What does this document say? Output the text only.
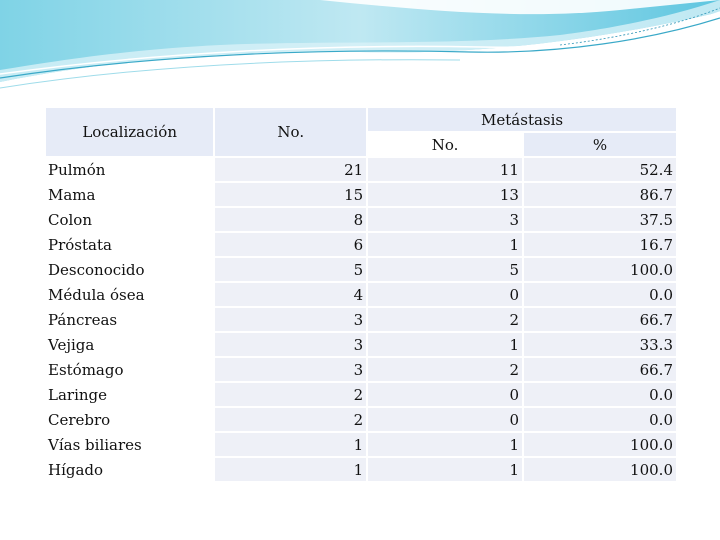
Localización	No.	Metástasis	
		No.	%
Pulmón	21	11	52.4
Mama	15	13	86.7
Colon	8	3	37.5
Próstata	6	1	16.7
Desconocido	5	5	100.0
Médula ósea	4	0	0.0
Páncreas	3	2	66.7
Vejiga	3	1	33.3
Estómago	3	2	66.7
Laringe	2	0	0.0
Cerebro	2	0	0.0
Vías biliares	1	1	100.0
Hígado	1	1	100.0
